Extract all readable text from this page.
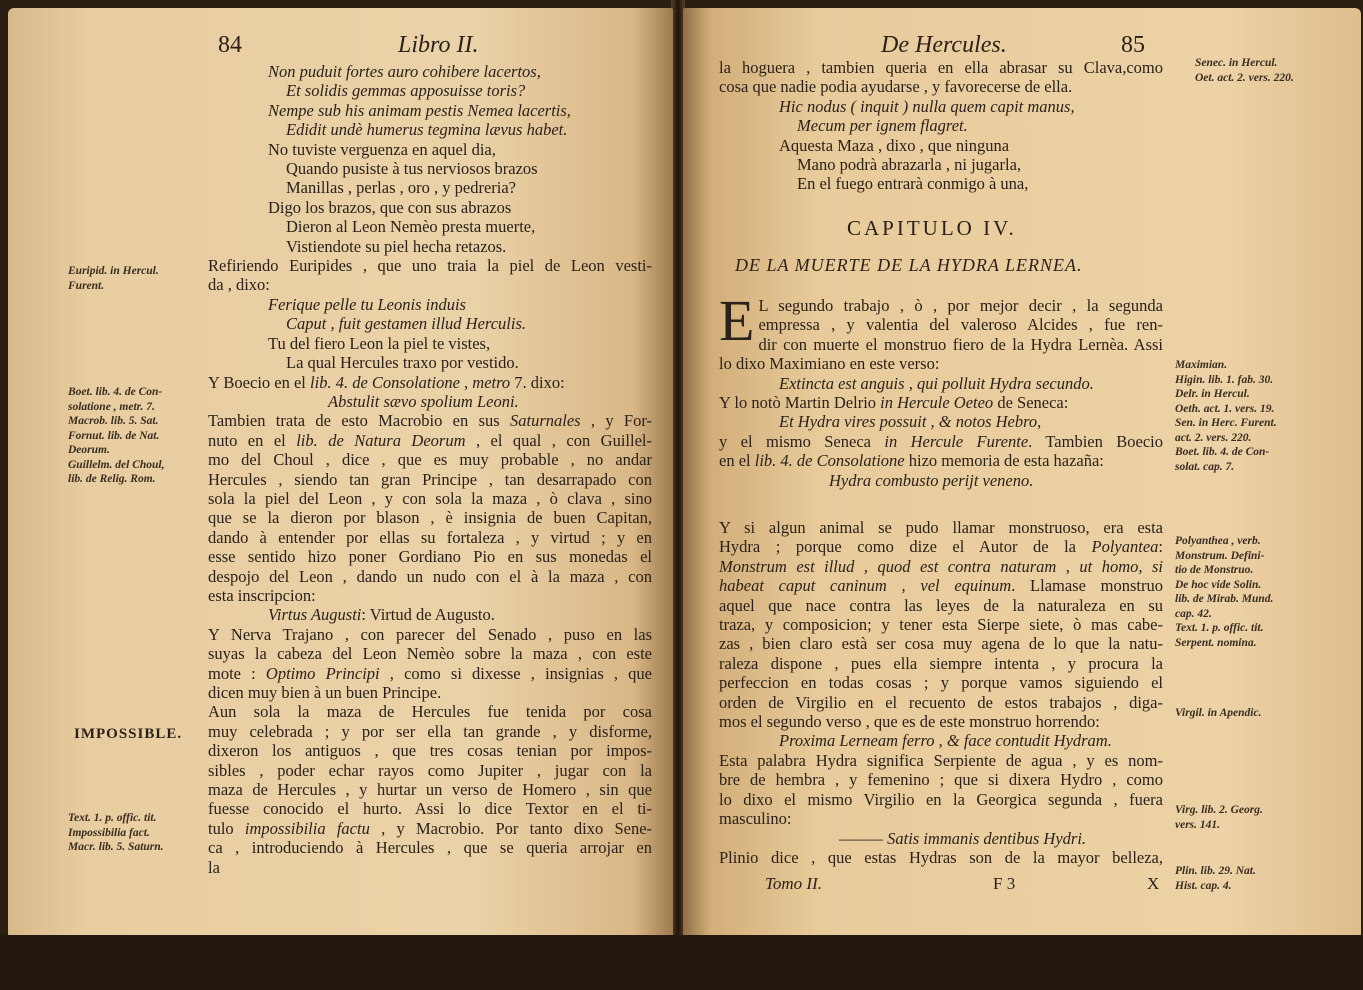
84	Libro II.
Non puduit fortes auro cohibere lacertos,
Et solidis gemmas apposuisse toris?
Nempe sub his animam pestis Nemea lacertis,
Edidit undè humerus tegmina lævus habet.
No tuviste verguenza en aquel dia,
Quando pusiste à tus nerviosos brazos
Manillas , perlas , oro , y pedreria?
Digo los brazos, que con sus abrazos
Dieron al Leon Nemèo presta muerte,
Vistiendote su piel hecha retazos.
Refiriendo Euripides , que uno traia la piel de Leon vesti-
da , dixo:
Ferique pelle tu Leonis induis
Caput , fuit gestamen illud Herculis.
Tu del fiero Leon la piel te vistes,
La qual Hercules traxo por vestido.
Y Boecio en el lib. 4. de Consolatione , metro 7. dixo:
Abstulit sævo spolium Leoni.
Tambien trata de esto Macrobio en sus Saturnales , y For-
nuto en el lib. de Natura Deorum , el qual , con Guillel-
mo del Choul , dice , que es muy probable , no andar
Hercules , siendo tan gran Principe , tan desarrapado con
sola la piel del Leon , y con sola la maza , ò clava , sino
que se la dieron por blason , è insignia de buen Capitan,
dando à entender por ellas su fortaleza , y virtud ; y en
esse sentido hizo poner Gordiano Pio en sus monedas el
despojo del Leon , dando un nudo con el à la maza , con
esta inscripcion:
Virtus Augusti: Virtud de Augusto.
Y Nerva Trajano , con parecer del Senado , puso en las
suyas la cabeza del Leon Nemèo sobre la maza , con este
mote : Optimo Principi , como si dixesse , insignias , que
dicen muy bien à un buen Principe.
Aun sola la maza de Hercules fue tenida por cosa
muy celebrada ; y por ser ella tan grande , y disforme,
dixeron los antiguos , que tres cosas tenian por impos-
sibles , poder echar rayos como Jupiter , jugar con la
maza de Hercules , y hurtar un verso de Homero , sin que
fuesse conocido el hurto. Assi lo dice Textor en el ti-
tulo impossibilia factu , y Macrobio. Por tanto dixo Sene-
ca , introduciendo à Hercules , que se queria arrojar en
la
Euripid. in Hercul.
Furent.
Boet. lib. 4. de Con-
solatione , metr. 7.
Macrob. lib. 5. Sat.
Fornut. lib. de Nat.
Deorum.
Guillelm. del Choul,
lib. de Relig. Rom.
IMPOSSIBLE.
Text. 1. p. offic. tit.
Impossibilia fact.
Macr. lib. 5. Saturn.
De Hercules.	85
la hoguera , tambien queria en ella abrasar su Clava,como
cosa que nadie podia ayudarse , y favorecerse de ella.
Hic nodus ( inquit ) nulla quem capit manus,
Mecum per ignem flagret.
Aquesta Maza , dixo , que ninguna
Mano podrà abrazarla , ni jugarla,
En el fuego entrarà conmigo à una,
CAPITULO IV.
DE LA MUERTE DE LA HYDRA LERNEA.
E L segundo trabajo , ò , por mejor decir , la segunda
empressa , y valentia del valeroso Alcides , fue ren-
dir con muerte el monstruo fiero de la Hydra Lernèa. Assi
lo dixo Maximiano en este verso:
Extincta est anguis , qui polluit Hydra secundo.
Y lo notò Martin Delrio in Hercule Oeteo de Seneca:
Et Hydra vires possuit , & notos Hebro,
y el mismo Seneca in Hercule Furente. Tambien Boecio
en el lib. 4. de Consolatione hizo memoria de esta hazaña:
Hydra combusto perijt veneno.
Y si algun animal se pudo llamar monstruoso, era esta
Hydra ; porque como dize el Autor de la Polyantea:
Monstrum est illud , quod est contra naturam , ut homo, si
habeat caput caninum , vel equinum. Llamase monstruo
aquel que nace contra las leyes de la naturaleza en su
traza, y composicion; y tener esta Sierpe siete, ò mas cabe-
zas , bien claro està ser cosa muy agena de lo que la natu-
raleza dispone , pues ella siempre intenta , y procura la
perfeccion en todas cosas ; y porque vamos siguiendo el
orden de Virgilio en el recuento de estos trabajos , diga-
mos el segundo verso , que es de este monstruo horrendo:
Proxima Lerneam ferro , & face contudit Hydram.
Esta palabra Hydra significa Serpiente de agua , y es nom-
bre de hembra , y femenino ; que si dixera Hydro , como
lo dixo el mismo Virgilio en la Georgica segunda , fuera
masculino:
——— Satis immanis dentibus Hydri.
Plinio dice , que estas Hydras son de la mayor belleza,
Tomo II.	F 3	X
Senec. in Hercul.
Oet. act. 2. vers. 220.
Maximian.
Higin. lib. 1. fab. 30.
Delr. in Hercul.
Oeth. act. 1. vers. 19.
Sen. in Herc. Furent.
act. 2. vers. 220.
Boet. lib. 4. de Con-
solat. cap. 7.
Polyanthea , verb.
Monstrum. Defini-
tio de Monstruo.
De hoc vide Solin.
lib. de Mirab. Mund.
cap. 42.
Text. 1. p. offic. tit.
Serpent. nomina.
Virgil. in Apendic.
Virg. lib. 2. Georg.
vers. 141.
Plin. lib. 29. Nat.
Hist. cap. 4.
